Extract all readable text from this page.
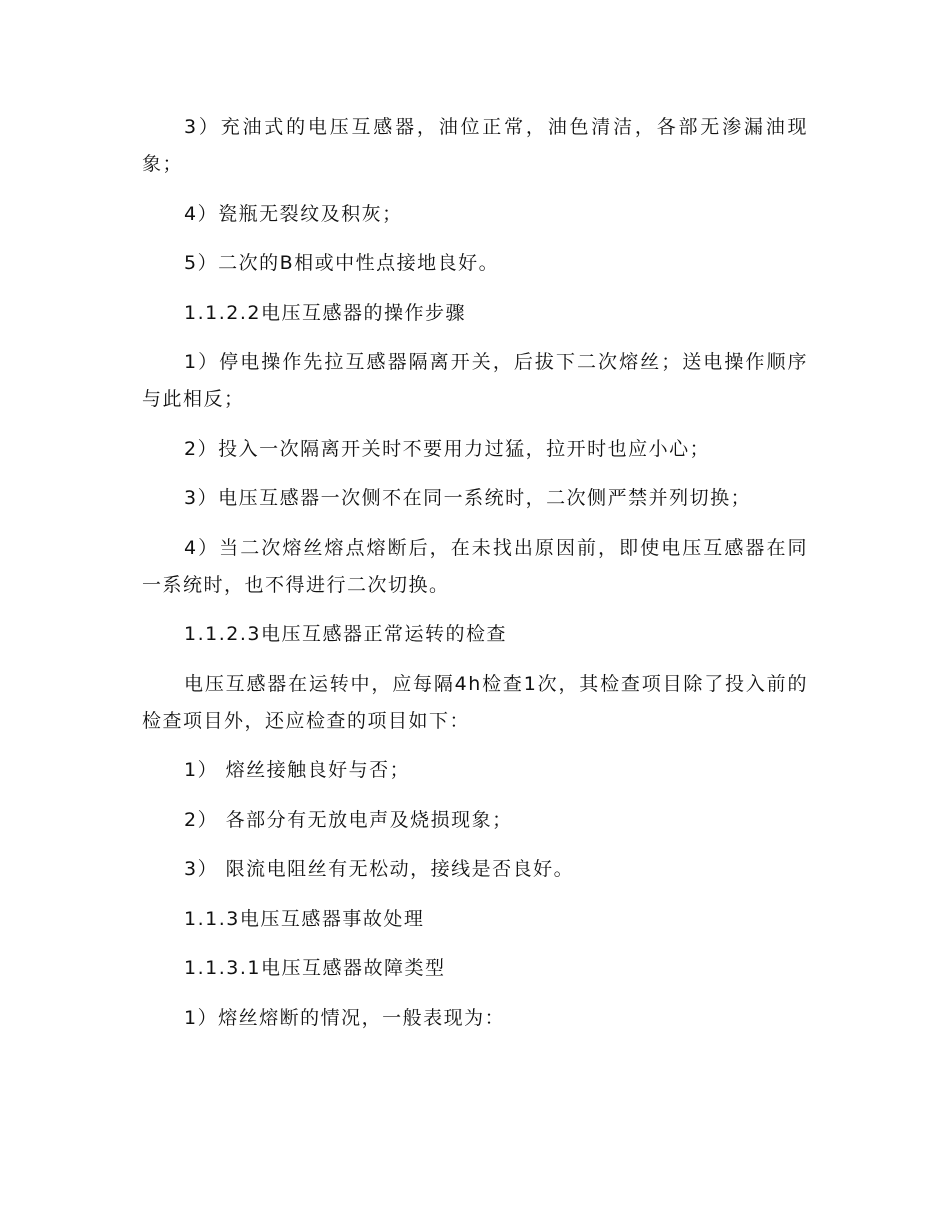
3）充油式的电压互感器，油位正常，油色清洁，各部无渗漏油现象；

4）瓷瓶无裂纹及积灰；

5）二次的B相或中性点接地良好。

1.1.2.2电压互感器的操作步骤

1）停电操作先拉互感器隔离开关，后拔下二次熔丝；送电操作顺序与此相反；

2）投入一次隔离开关时不要用力过猛，拉开时也应小心；

3）电压互感器一次侧不在同一系统时，二次侧严禁并列切换；

4）当二次熔丝熔点熔断后，在未找出原因前，即使电压互感器在同一系统时，也不得进行二次切换。

1.1.2.3电压互感器正常运转的检查

电压互感器在运转中，应每隔4h检查1次，其检查项目除了投入前的检查项目外，还应检查的项目如下：

1） 熔丝接触良好与否；

2） 各部分有无放电声及烧损现象；

3） 限流电阻丝有无松动，接线是否良好。

1.1.3电压互感器事故处理

1.1.3.1电压互感器故障类型

1）熔丝熔断的情况，一般表现为：
